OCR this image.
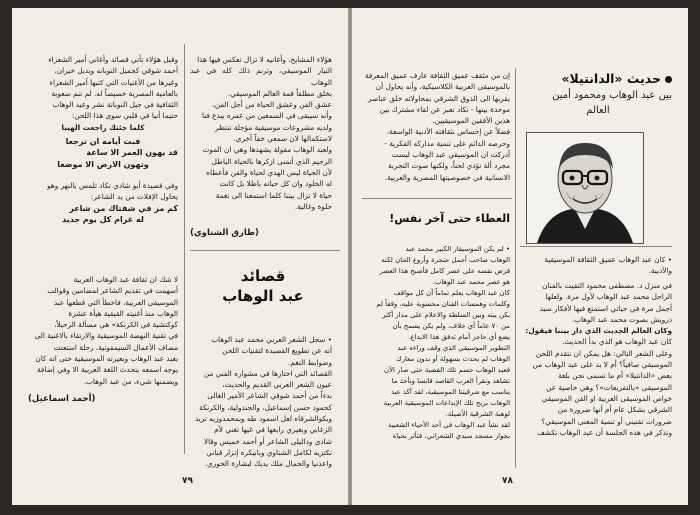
هؤلاء المشايخ، وأغانيه لا تزال تعكس فيها هذا

التيار الموسيقي، وترنم ذلك كله في عبد الوهاب

بخلق مطلقاً قمة العالم الموسيقي.

عشق الفن وعشق الحياة من أجل الفن،

وأنه سيبقى في السمعين من عمره يبدع فنا

ولديه مشروعات موسيقية مؤجلة تنتظر

لاستكمالها لان سمعي خفاً أخرى.

ولعبد الوهاب مقولة يشهدها وهي ان الموت

الرحيم الذي أتمنى ازكرها بالحياة الباطل

لأن الحياة ليس الهدي لحياة والفن فأعطاه

له الخلود وان كل حياته باطلا بل كانت

حياة لا تزال بيننا كلما استمعنا الى نغمة

حلوة وغالية.

(طارق الشناوي)
قصائد
عبد الوهاب

• سجل الشعر العربي محمد عبد الوهاب

أنه عن تطويع القصيدة لتقنيات اللحن

وضوابط النغم.

القصائد التي اختارها في مشواره الفني من

عيون الشعر العربي القديم والحديث،

بدءاً من أحمد شوقي الشاعر الأمير الغالى

كحمود حسن إسماعيل، والجندولية، والكرنكة

وبكوالشرقاه لعل اسمود طه وبمحمدوزيه تزيد

الزغابي وبغيري رابعها في غيها تغني لأم

شادى وداليلى الشاعر أو أحمد خميس وقالا

تكتزيه لكامل الشناوي وبابيكره إنزار قباني

واعدنيا والجمال ملك يديك لبشارة الخوري.

وقبل هؤلاء تأتي قصائد وأغاني أمير الشعراء

أحمد شوقي كجميل النوبانه وبديل خيران،

وغيرها من الأغنيات التي كتبها أمير الشعراء

بالعامية المصرية خصيصاً له. لم تنم سعوية

الثقافية في جيل النوبانة نشر وعيد الوهاب

حتيما أنيا في قلبي سوى هذا اللحن:

كلما جئتك راجعت الهيبا

فبت أيامه ان ترجعا

قد يهون العمر الا ساعة

وتهون الارض الا موضعا

وفي قصيدة أبو شادي نكاد تلمس بالنهر وهو

يحاول الإفلات من يد الشاعر:

كم مر في شفتاك من شاعر

له غرام كل يوم جديد

لا شك ان ثقافة عبد الوهاب العربية

أسهمت في تقديم الشاعر لمضامين وقوالب

الموسيقى العربية، فاخطأ التي قطعها عبد

الوهاب منذ أغنيته القيقية هيأة عشرة

كوكتشية في الكرنكة» هي مسألة الرحيلاً،

في تقنية النهضة الموسيقية والارتقاء بالاغنية الى

مصاف الأعمال السيمفونية، رحلة استعنت

بعبد عبد الوهاب وبعيرته الموسيقية حتى انه كان

يوجه اسمعه يتحدث اللغة العربية الا وفي إضافة

ويضمنها شيء، من عبد الوهاب.

(أحمد اسماعيل)
٧٩
حديث «الدانتيلا»
بين عبد الوهاب ومحمود أمين
العالم

• كان عبد الوهاب عميق الثقافة الموسيقية

والأدبية.

في منزل د. مصطفى محمود التقيت بالفنان

الراحل محمد عبد الوهاب لأول مرة. ولعلها

أجمل مرة في حياتي استمتع فيها لأفكار سيد

درويش بصوت محمد عبد الوهاب.

وكان العالم الجديث الذي دار بيننا فيقول:

كان عبد الوهاب هو الذي بدأ الحديث.

وعلى الشعر التالي: هل يمكن ان نتقدم اللحن

الموسيقي صافياً؟ أم لا بد على عبد الوهاب من

بعض «الدانتيلا» أم ما تسمى نحن بلغة

الموسيقى «بالتفريعات»؟ وهي خاصية عن

خواص الموسيقى العربية او الفن الموسيقي

الشرقي بشكل عام أم أنها ضرورة من

ضرورات تقنيني أو تنمية المعنى الموسيقي؟

وتذكر في هذه الجلسة أن عبد الوهاب تكشف

إن من مثقف عميق الثقافة عارف عميق المعرفة

بالموسيقى العربية الكلاسيكية، وأنه يحاول أن

يقربها الى الذوق الشرقي بمحاولاته خلق عناصر

موحدة بينها - نكاد تعبر عن لقاء مشترك بين

هذين الأفقين الموسيقيين.

فضلاً عن إحساس بثقافته الأدبية الواسعة،

وحرصه الدائم على تنمية مداركه الفكرية -

أدركت ان الموسيقي عبد الوهاب ليست

مجرد ألة تؤدي لحناً، ولكنها صوت التجربة

الانسانية في خصوصيتها المصرية والعربية.

العطاء حتى آخر نفس!

• لم يكن الموسيقار الكبير محمد عبد

الوهاب صاحب أجمل حنجرة وأروع الحان لكنه

فرض نفسه على عصر كامل فأصبح هذا العصر

هو عصر محمد عبد الوهاب.

كان عبد الوهاب يعلم تماماً أن كل مواقف

وكلمات وهمسات الفنان محسوبة عليه، وفقاً لم

يكن يبته وبين السلطة والاعلام على مدار أكثر

من ٧٠ عاماً أي خلاف، ولم يكن يسمح بأن

يضع أي حاجز أمام تدفق هذا الابداع.

التطوير الموسيقي الذي وقف وراءه عبد

الوهاب لم يحدث بسهولة أو بدون معارك

فعبد الوهاب حسم تلك القضية حتى صار الآن

تشاهد ونقرأ العرب القاصد فانسا ونأخذ ما

يناسب مع شرقيتنا الموسيقية، لقد أكد عبد

الوهاب بربح تلك الإبداعات الموسيقية العربية

لوهبة الشرقية الأصيلة.

لقد نشأ عبد الوهاب في أحد الأحياء الشعبية

بجوار مسجد سيدي الشعراني، فتأثر بحياة

٧٨
